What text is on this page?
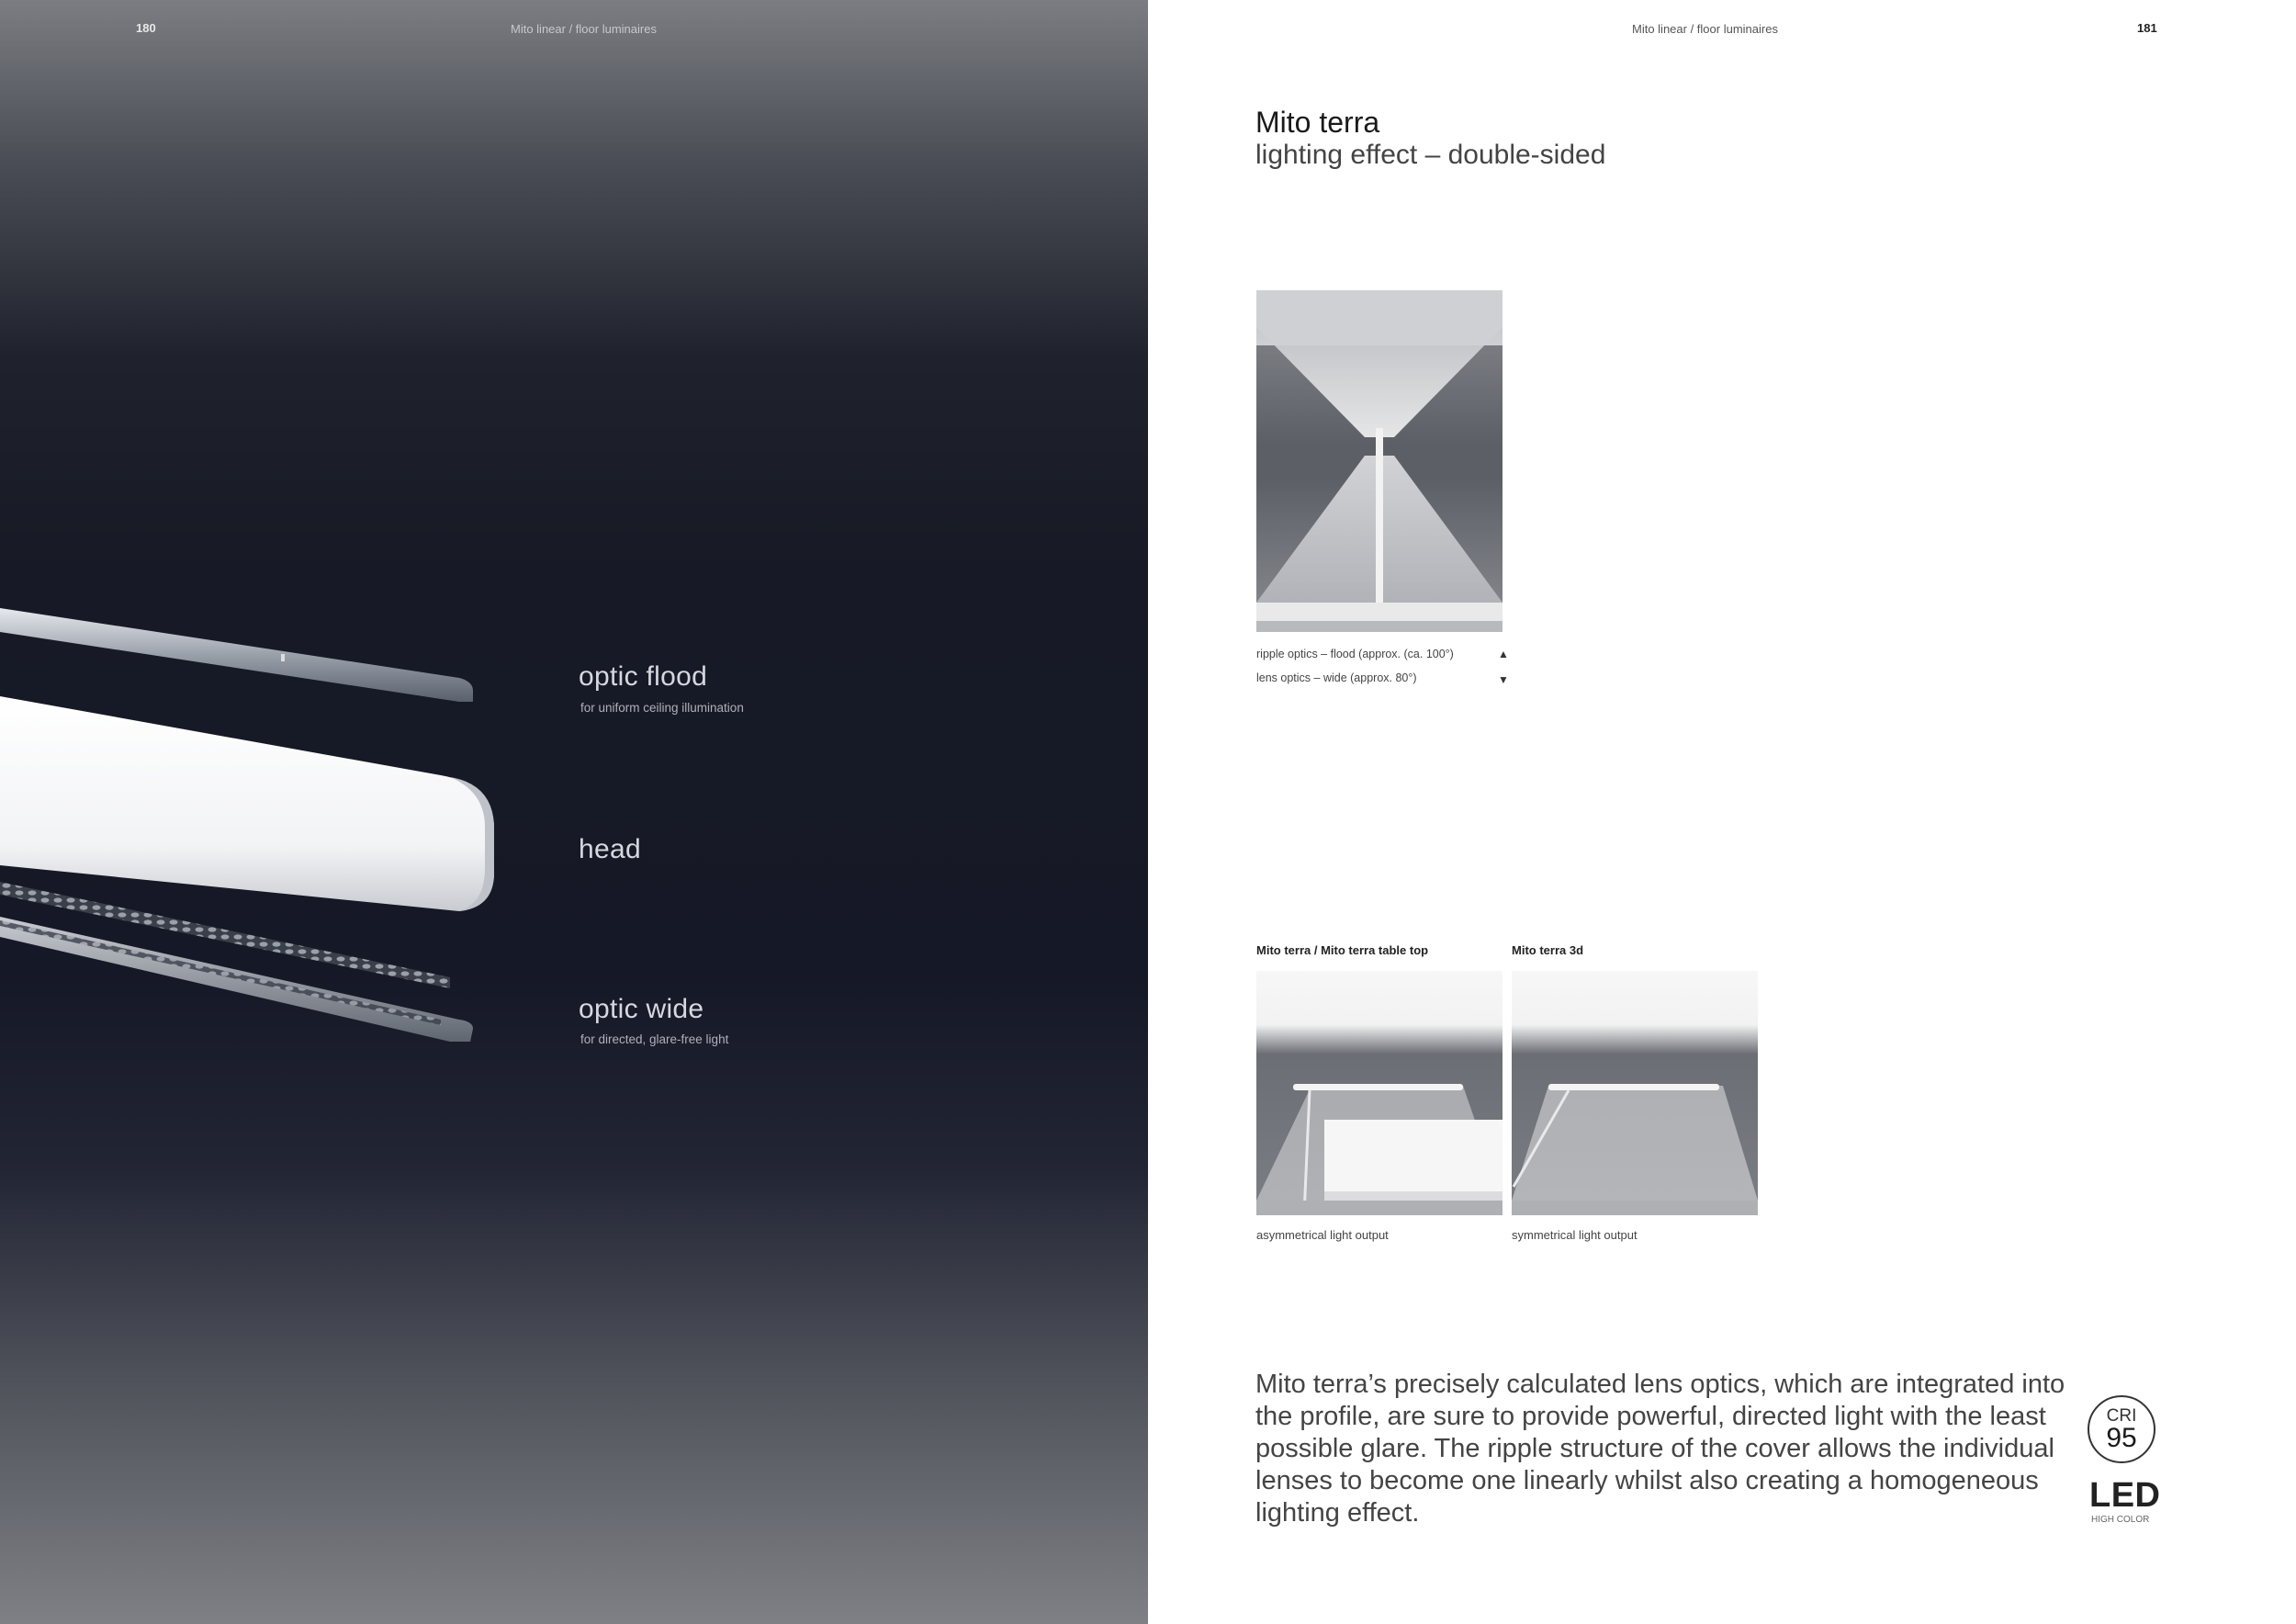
180	Mito linear / floor luminaires
optic flood
for uniform ceiling illumination
head
optic wide
for directed, glare-free light
Mito linear / floor luminaires	181
Mito terra
lighting effect – double-sided
ripple optics – flood (approx. (ca. 100°)	▲
lens optics – wide (approx. 80°)	▼
Mito terra / Mito terra table top	Mito terra 3d
asymmetrical light output	symmetrical light output
Mito terra’s precisely calculated lens optics, which are integrated into the profile, are sure to provide powerful, directed light with the least possible glare. The ripple structure of the cover allows the individual lenses to become one linearly whilst also creating a homogeneous lighting effect.
CRI
95
LED
HIGH COLOR
